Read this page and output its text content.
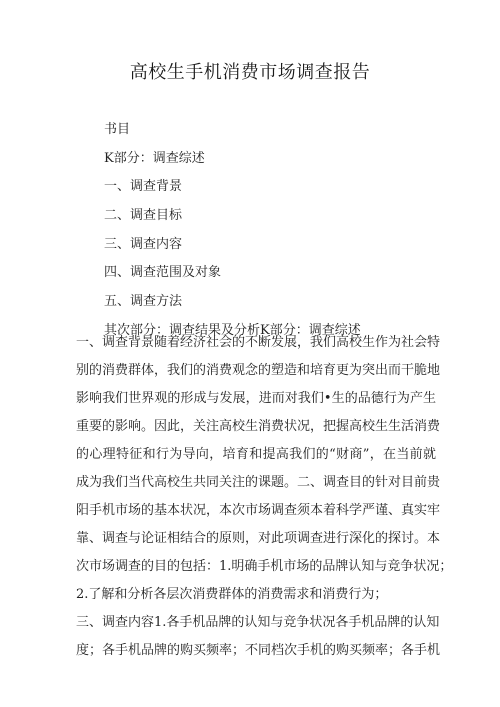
高校生手机消费市场调查报告
书目
K部分：调查综述
一、调查背景
二、调查目标
三、调查内容
四、调查范围及对象
五、调查方法
其次部分：调查结果及分析K部分：调查综述
一、调查背景随着经济社会的不断发展，我们高校生作为社会特
别的消费群体，我们的消费观念的塑造和培育更为突出而干脆地
影响我们世界观的形成与发展，进而对我们•生的品德行为产生
重要的影响。因此，关注高校生消费状况，把握高校生生活消费
的心理特征和行为导向，培育和提高我们的“财商”，在当前就
成为我们当代高校生共同关注的课题。二、调查目的针对目前贵
阳手机市场的基本状况，本次市场调查须本着科学严谨、真实牢
靠、调查与论证相结合的原则，对此项调查进行深化的探讨。本
次市场调查的目的包括：1.明确手机市场的品牌认知与竞争状况；
2.了解和分析各层次消费群体的消费需求和消费行为；
三、调查内容1.各手机品牌的认知与竞争状况各手机品牌的认知
度；各手机品牌的购买频率；不同档次手机的购买频率；各手机
